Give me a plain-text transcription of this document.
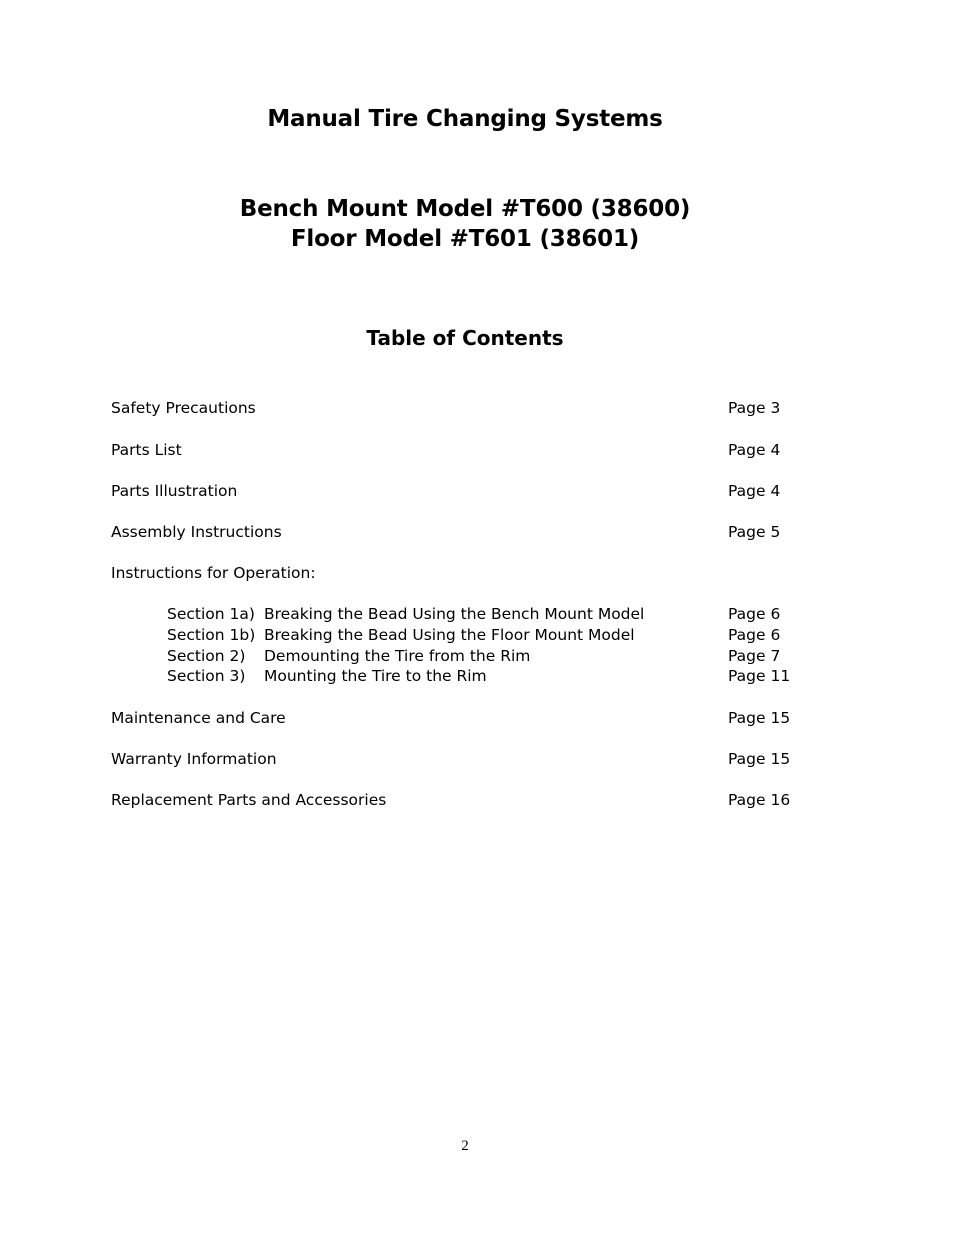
Manual Tire Changing Systems
Bench Mount Model #T600 (38600)
Floor Model #T601 (38601)
Table of Contents
Safety Precautions	Page 3
Parts List	Page 4
Parts Illustration	Page 4
Assembly Instructions	Page 5
Instructions for Operation:
Section 1a) Breaking the Bead Using the Bench Mount Model	Page 6
Section 1b) Breaking the Bead Using the Floor Mount Model	Page 6
Section 2) Demounting the Tire from the Rim	Page 7
Section 3) Mounting the Tire to the Rim	Page 11
Maintenance and Care	Page 15
Warranty Information	Page 15
Replacement Parts and Accessories	Page 16
2
